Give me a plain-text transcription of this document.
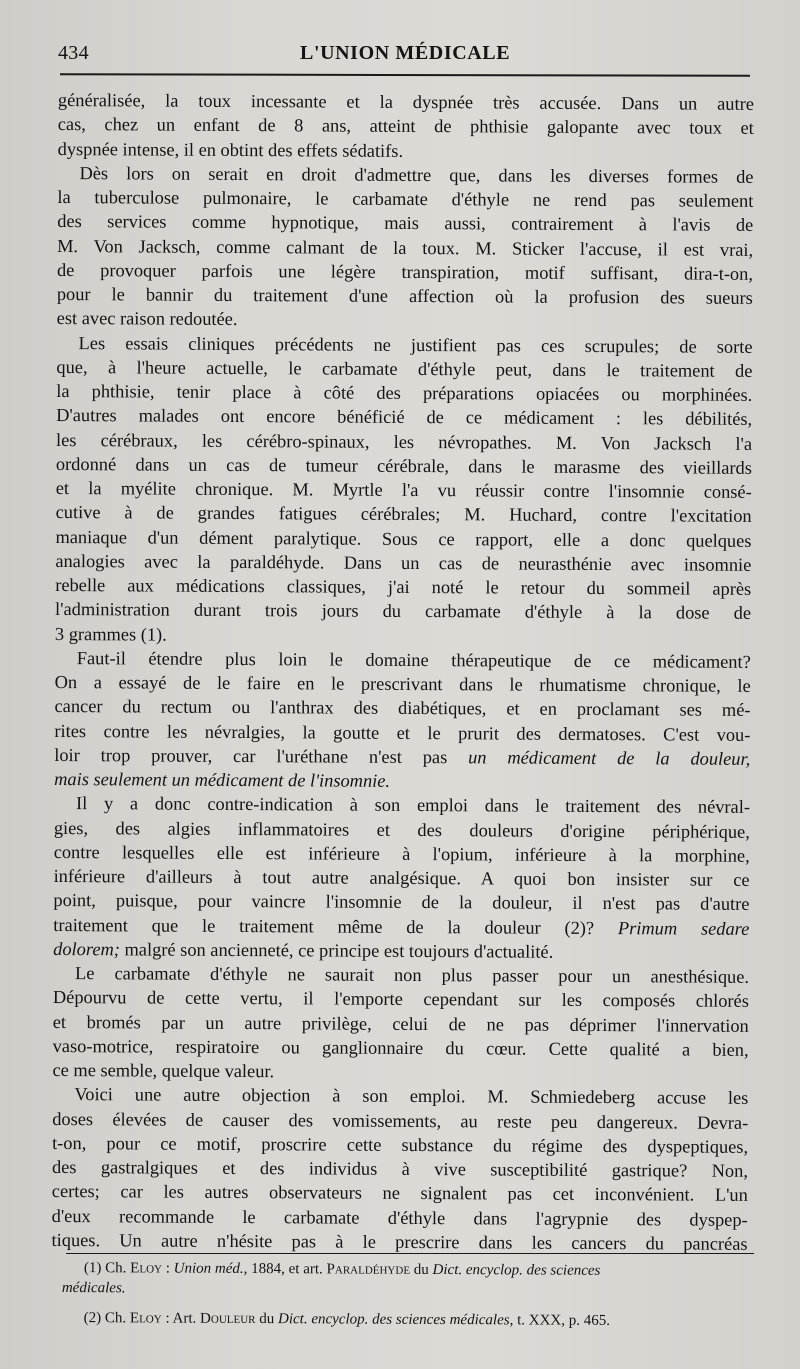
434	L'UNION MÉDICALE
généralisée, la toux incessante et la dyspnée très accusée. Dans un autre
cas, chez un enfant de 8 ans, atteint de phthisie galopante avec toux et
dyspnée intense, il en obtint des effets sédatifs.
Dès lors on serait en droit d'admettre que, dans les diverses formes de
la tuberculose pulmonaire, le carbamate d'éthyle ne rend pas seulement
des services comme hypnotique, mais aussi, contrairement à l'avis de
M. Von Jacksch, comme calmant de la toux. M. Sticker l'accuse, il est vrai,
de provoquer parfois une légère transpiration, motif suffisant, dira-t-on,
pour le bannir du traitement d'une affection où la profusion des sueurs
est avec raison redoutée.
Les essais cliniques précédents ne justifient pas ces scrupules; de sorte
que, à l'heure actuelle, le carbamate d'éthyle peut, dans le traitement de
la phthisie, tenir place à côté des préparations opiacées ou morphinées.
D'autres malades ont encore bénéficié de ce médicament : les débilités,
les cérébraux, les cérébro-spinaux, les névropathes. M. Von Jacksch l'a
ordonné dans un cas de tumeur cérébrale, dans le marasme des vieillards
et la myélite chronique. M. Myrtle l'a vu réussir contre l'insomnie consé-
cutive à de grandes fatigues cérébrales; M. Huchard, contre l'excitation
maniaque d'un dément paralytique. Sous ce rapport, elle a donc quelques
analogies avec la paraldéhyde. Dans un cas de neurasthénie avec insomnie
rebelle aux médications classiques, j'ai noté le retour du sommeil après
l'administration durant trois jours du carbamate d'éthyle à la dose de
3 grammes (1).
Faut-il étendre plus loin le domaine thérapeutique de ce médicament?
On a essayé de le faire en le prescrivant dans le rhumatisme chronique, le
cancer du rectum ou l'anthrax des diabétiques, et en proclamant ses mé-
rites contre les névralgies, la goutte et le prurit des dermatoses. C'est vou-
loir trop prouver, car l'uréthane n'est pas un médicament de la douleur,
mais seulement un médicament de l'insomnie.
Il y a donc contre-indication à son emploi dans le traitement des névral-
gies, des algies inflammatoires et des douleurs d'origine périphérique,
contre lesquelles elle est inférieure à l'opium, inférieure à la morphine,
inférieure d'ailleurs à tout autre analgésique. A quoi bon insister sur ce
point, puisque, pour vaincre l'insomnie de la douleur, il n'est pas d'autre
traitement que le traitement même de la douleur (2)? Primum sedare
dolorem; malgré son ancienneté, ce principe est toujours d'actualité.
Le carbamate d'éthyle ne saurait non plus passer pour un anesthésique.
Dépourvu de cette vertu, il l'emporte cependant sur les composés chlorés
et bromés par un autre privilège, celui de ne pas déprimer l'innervation
vaso-motrice, respiratoire ou ganglionnaire du cœur. Cette qualité a bien,
ce me semble, quelque valeur.
Voici une autre objection à son emploi. M. Schmiedeberg accuse les
doses élevées de causer des vomissements, au reste peu dangereux. Devra-
t-on, pour ce motif, proscrire cette substance du régime des dyspeptiques,
des gastralgiques et des individus à vive susceptibilité gastrique? Non,
certes; car les autres observateurs ne signalent pas cet inconvénient. L'un
d'eux recommande le carbamate d'éthyle dans l'agrypnie des dyspep-
tiques. Un autre n'hésite pas à le prescrire dans les cancers du pancréas
(1) Ch. Eloy : Union méd., 1884, et art. Paraldéhyde du Dict. encyclop. des sciences
médicales.
(2) Ch. Eloy : Art. Douleur du Dict. encyclop. des sciences médicales, t. XXX, p. 465.
